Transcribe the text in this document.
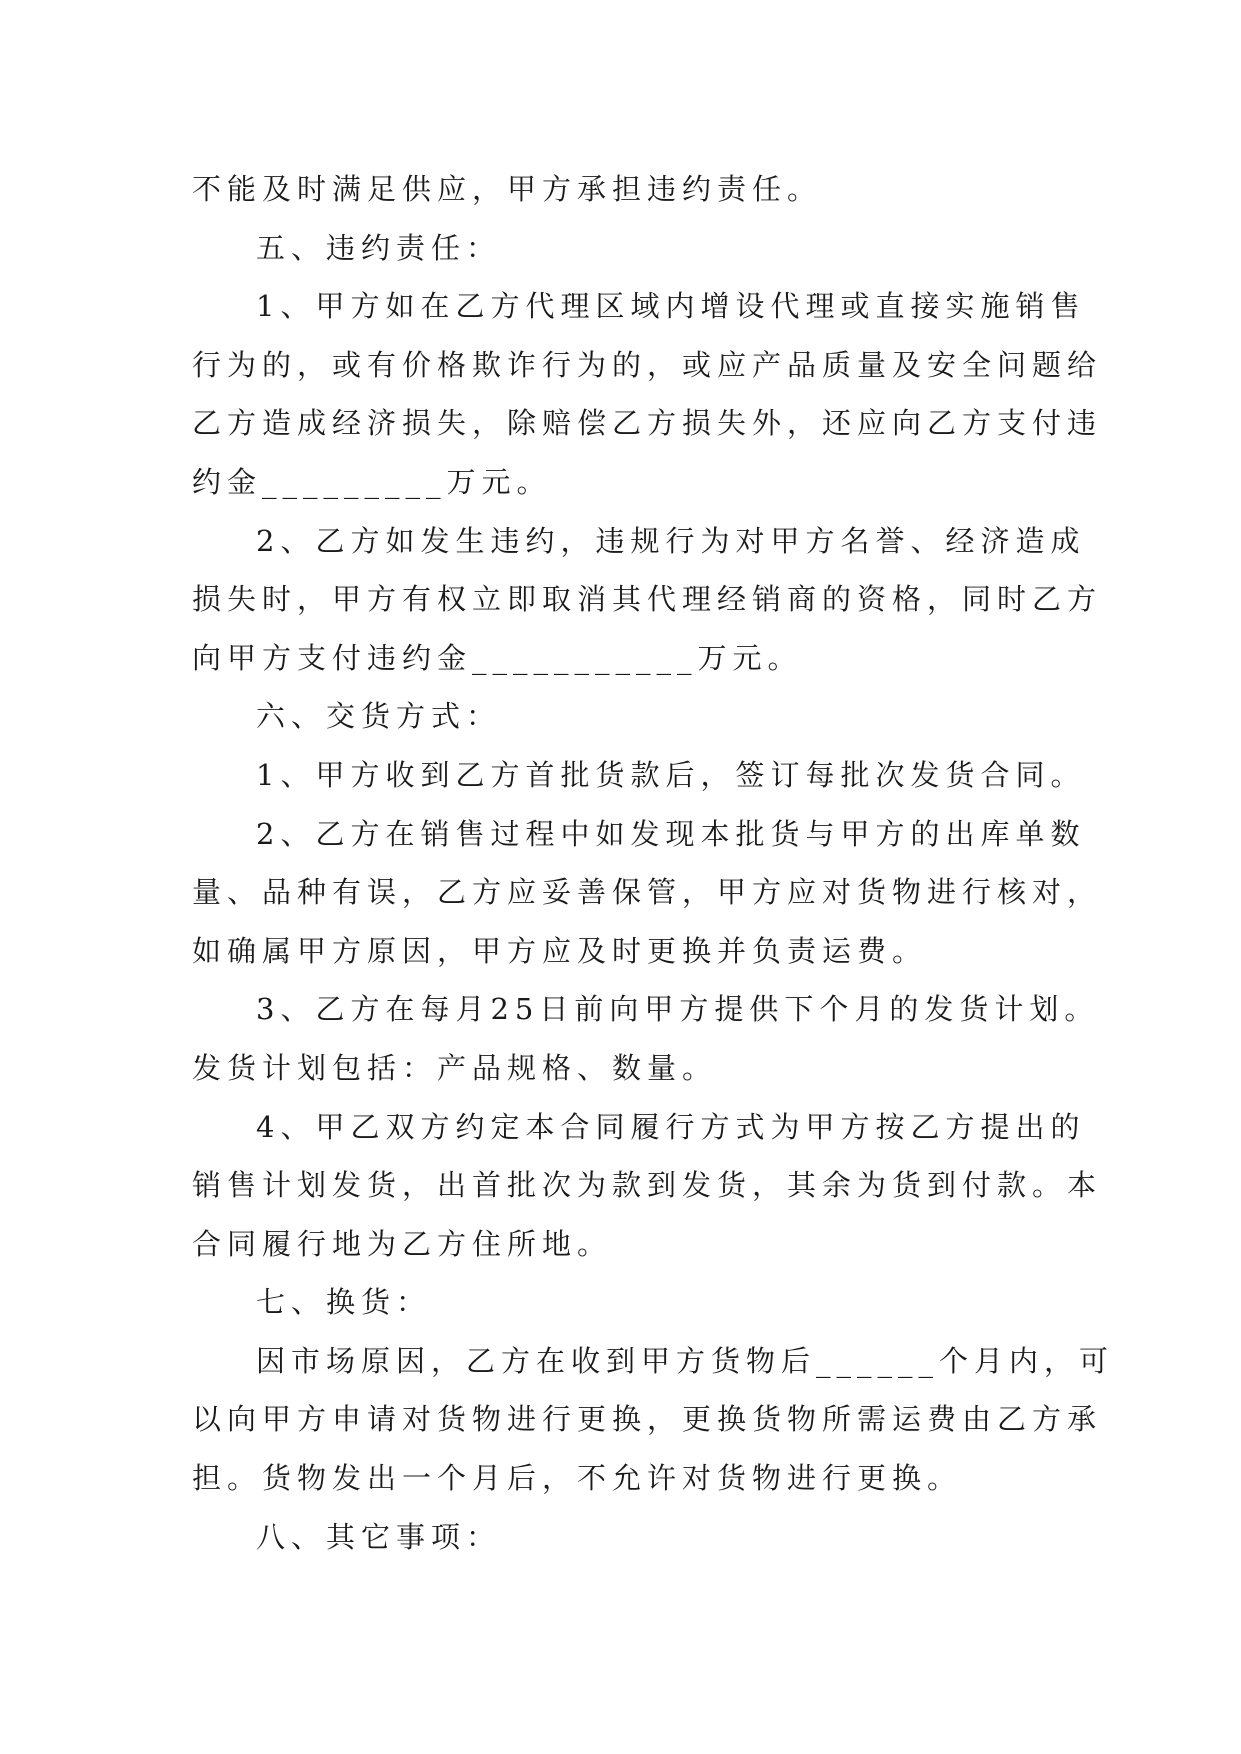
不能及时满足供应，甲方承担违约责任。
五、违约责任：
1、甲方如在乙方代理区域内增设代理或直接实施销售
行为的，或有价格欺诈行为的，或应产品质量及安全问题给
乙方造成经济损失，除赔偿乙方损失外，还应向乙方支付违
约金_________万元。
2、乙方如发生违约，违规行为对甲方名誉、经济造成
损失时，甲方有权立即取消其代理经销商的资格，同时乙方
向甲方支付违约金___________万元。
六、交货方式：
1、甲方收到乙方首批货款后，签订每批次发货合同。
2、乙方在销售过程中如发现本批货与甲方的出库单数
量、品种有误，乙方应妥善保管，甲方应对货物进行核对，
如确属甲方原因，甲方应及时更换并负责运费。
3、乙方在每月25日前向甲方提供下个月的发货计划。
发货计划包括：产品规格、数量。
4、甲乙双方约定本合同履行方式为甲方按乙方提出的
销售计划发货，出首批次为款到发货，其余为货到付款。本
合同履行地为乙方住所地。
七、换货：
因市场原因，乙方在收到甲方货物后______个月内，可
以向甲方申请对货物进行更换，更换货物所需运费由乙方承
担。货物发出一个月后，不允许对货物进行更换。
八、其它事项：
